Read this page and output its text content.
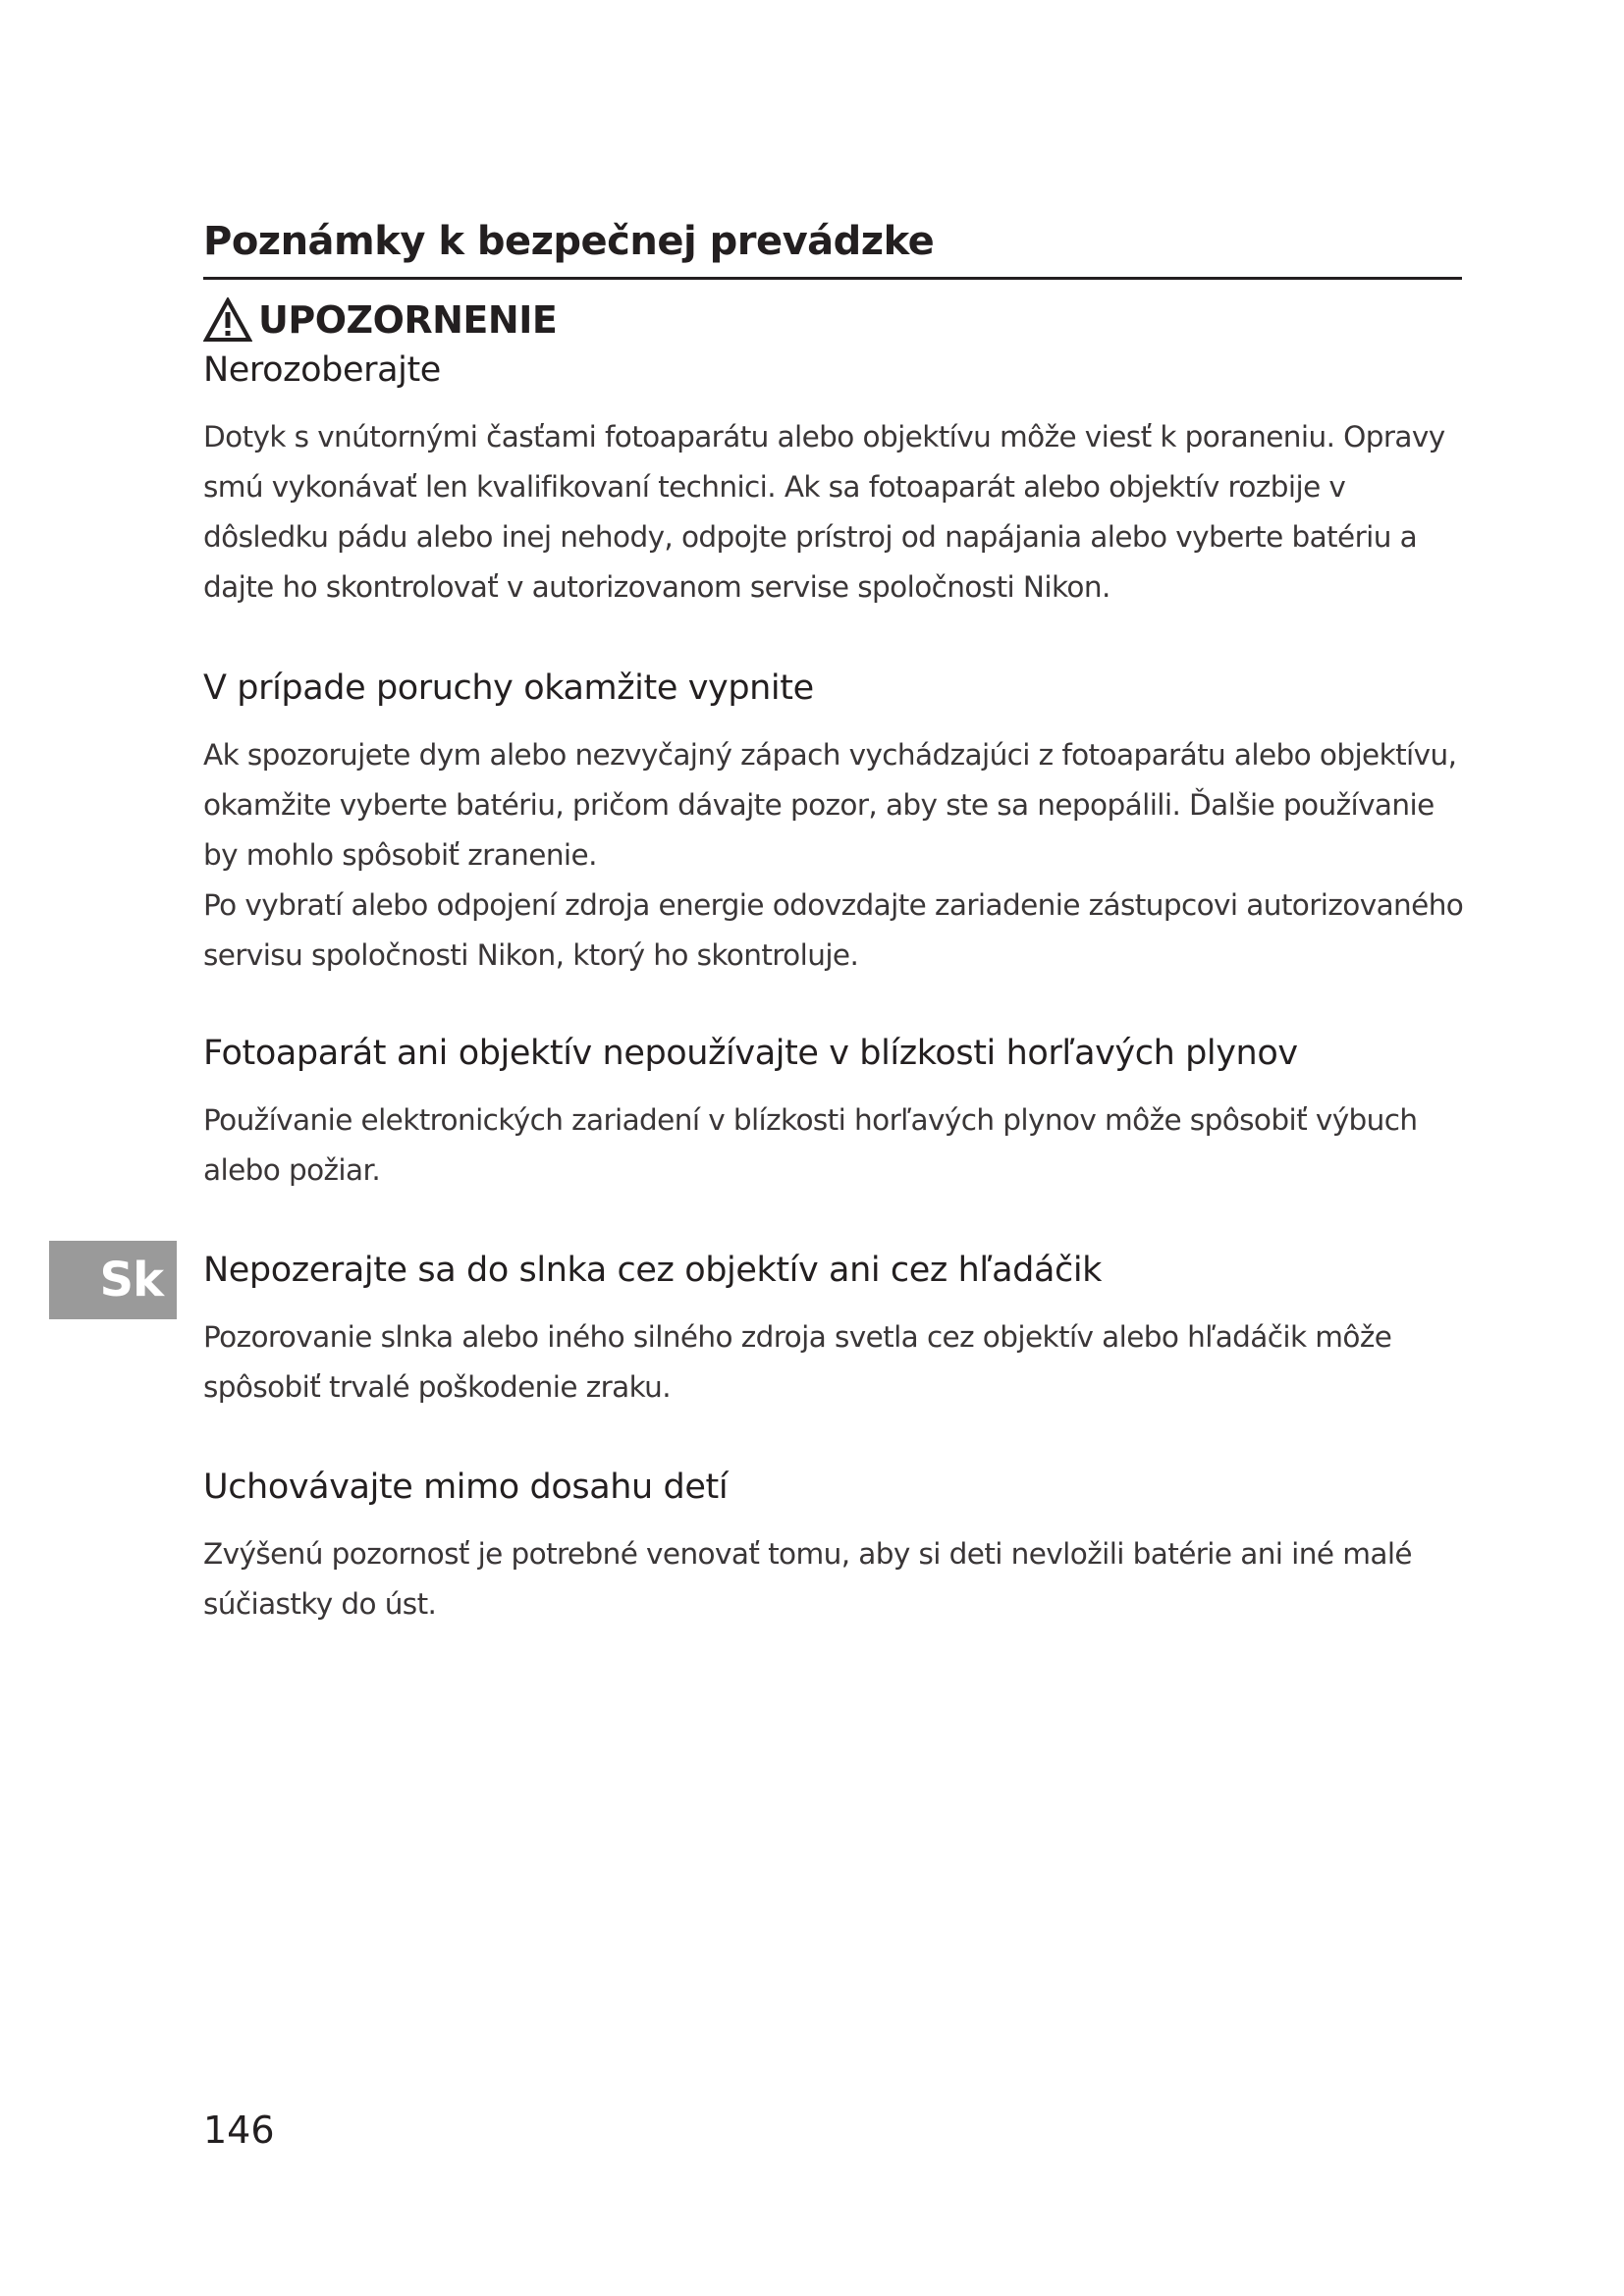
Poznámky k bezpečnej prevádzke
UPOZORNENIE
Nerozoberajte

Dotyk s vnútornými časťami fotoaparátu alebo objektívu môže viesť k poraneniu. Opravy smú vykonávať len kvalifikovaní technici. Ak sa fotoaparát alebo objektív rozbije v dôsledku pádu alebo inej nehody, odpojte prístroj od napájania alebo vyberte batériu a dajte ho skontrolovať v autorizovanom servise spoločnosti Nikon.

V prípade poruchy okamžite vypnite

Ak spozorujete dym alebo nezvyčajný zápach vychádzajúci z fotoaparátu alebo objektívu, okamžite vyberte batériu, pričom dávajte pozor, aby ste sa nepopálili. Ďalšie používanie by mohlo spôsobiť zranenie.

Po vybratí alebo odpojení zdroja energie odovzdajte zariadenie zástupcovi autorizovaného servisu spoločnosti Nikon, ktorý ho skontroluje.

Fotoaparát ani objektív nepoužívajte v blízkosti horľavých plynov

Používanie elektronických zariadení v blízkosti horľavých plynov môže spôsobiť výbuch alebo požiar.

Sk	Nepozerajte sa do slnka cez objektív ani cez hľadáčik

Pozorovanie slnka alebo iného silného zdroja svetla cez objektív alebo hľadáčik môže spôsobiť trvalé poškodenie zraku.

Uchovávajte mimo dosahu detí

Zvýšenú pozornosť je potrebné venovať tomu, aby si deti nevložili batérie ani iné malé súčiastky do úst.

146
